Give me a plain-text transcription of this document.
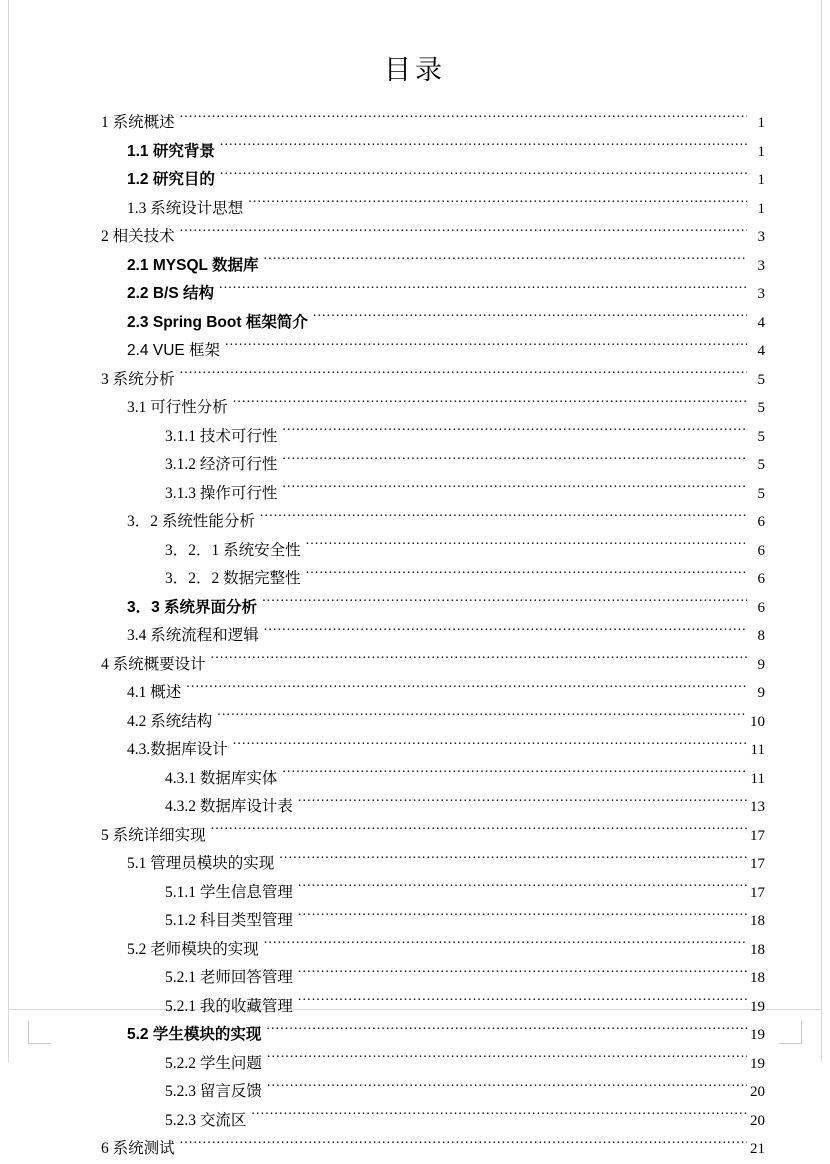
目录
1 系统概述 .....	1
1.1 研究背景 .....	1
1.2 研究目的 .....	1
1.3 系统设计思想 .....	1
2 相关技术 .....	3
2.1 MYSQL 数据库 .....	3
2.2 B/S 结构 .....	3
2.3 Spring Boot 框架简介 .....	4
2.4 VUE 框架 .....	4
3 系统分析 .....	5
3.1 可行性分析 .....	5
3.1.1 技术可行性 .....	5
3.1.2 经济可行性 .....	5
3.1.3 操作可行性 .....	5
3．2 系统性能分析 .....	6
3．2．1 系统安全性 .....	6
3．2．2 数据完整性 .....	6
3．3 系统界面分析 .....	6
3.4 系统流程和逻辑 .....	8
4 系统概要设计 .....	9
4.1 概述 .....	9
4.2 系统结构 .....	10
4.3.数据库设计 .....	11
4.3.1 数据库实体 .....	11
4.3.2 数据库设计表 .....	13
5 系统详细实现 .....	17
5.1 管理员模块的实现 .....	17
5.1.1 学生信息管理 .....	17
5.1.2 科目类型管理 .....	18
5.2 老师模块的实现 .....	18
5.2.1 老师回答管理 .....	18
5.2.1 我的收藏管理 .....	19
5.2 学生模块的实现 .....	19
5.2.2 学生问题 .....	19
5.2.3 留言反馈 .....	20
5.2.3 交流区 .....	20
6 系统测试 .....	21
